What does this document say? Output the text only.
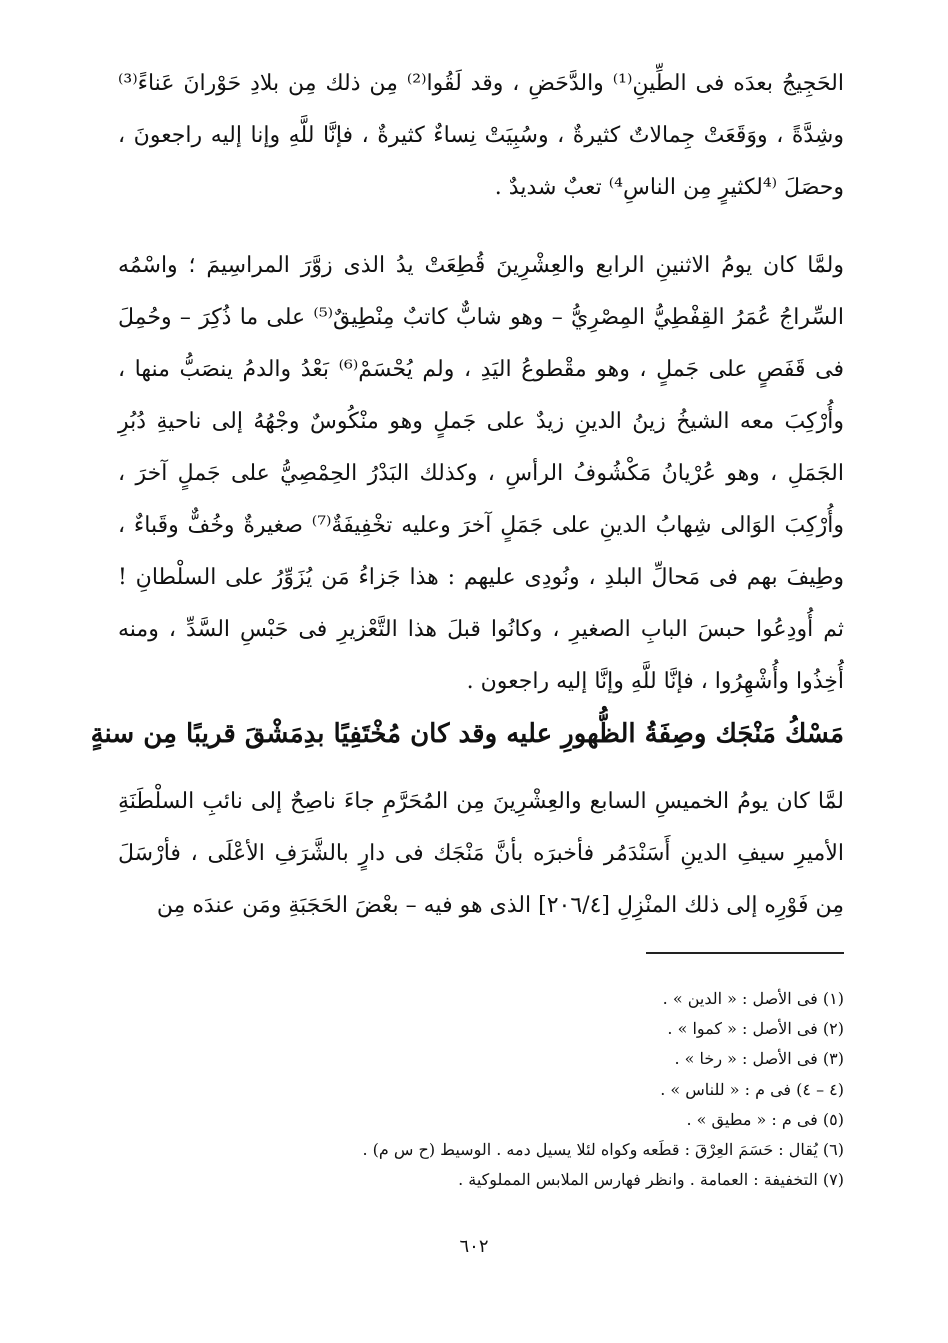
الحَجِيجُ بعدَه فى الطِّينِ⁽¹⁾ والدَّحَضِ ، وقد لَقُوا⁽²⁾ مِن ذلك مِن بلادِ حَوْرانَ عَناءً⁽³⁾ وشِدَّةً ، ووَقَعَتْ جِمالاتٌ كثيرةٌ ، وسُبِيَتْ نِساءٌ كثيرةٌ ، فإنَّا للَّهِ وإنا إليه راجعونَ ، وحصَلَ ⁽⁴لكثيرٍ مِن الناسِ⁴⁾ تعبٌ شديدٌ .

ولمَّا كان يومُ الاثنينِ الرابع والعِشْرِينَ قُطِعَتْ يدُ الذى زوَّرَ المراسِيمَ ؛ واسْمُه السِّراجُ عُمَرُ القِفْطِيُّ المِصْرِيُّ – وهو شابٌّ كاتبٌ مِنْطِيقٌ⁽⁵⁾ على ما ذُكِرَ – وحُمِلَ فى قَفَصٍ على جَملٍ ، وهو مقْطوعُ اليَدِ ، ولم يُحْسَمْ⁽⁶⁾ بَعْدُ والدمُ ينصَبُّ منها ، وأُرْكِبَ معه الشيخُ زينُ الدينِ زيدٌ على جَملٍ وهو منْكُوسٌ وجْهُهُ إلى ناحيةِ دُبُرِ الجَمَلِ ، وهو عُرْيانُ مَكْشُوفُ الرأسِ ، وكذلك البَدْرُ الحِمْصِيُّ على جَملٍ آخرَ ، وأُرْكِبَ الوَالى شِهابُ الدينِ على جَمَلٍ آخرَ وعليه تخْفِيفَةٌ⁽⁷⁾ صغيرةٌ وخُفٌّ وقَباءٌ ، وطِيفَ بهم فى مَحالِّ البلدِ ، ونُودِى عليهم : هذا جَزاءُ مَن يُزَوِّرُ على السلْطانِ ! ثم أُودِعُوا حبسَ البابِ الصغيرِ ، وكانُوا قبلَ هذا التَّعْزيرِ فى حَبْسِ السَّدِّ ، ومنه أُخِذُوا وأُشْهِرُوا ، فإنَّا للَّهِ وإنَّا إليه راجعون .

مَسْكُ مَنْجَك وصِفَةُ الظُّهورِ عليه وقد كان مُخْتَفِيًا بدِمَشْقَ قريبًا مِن سنةٍ

لمَّا كان يومُ الخميسِ السابع والعِشْرِينَ مِن المُحَرَّمِ جاءَ ناصِحٌ إلى نائبِ السلْطَنَةِ الأميرِ سيفِ الدينِ أَسَنْدَمُر فأخبرَه بأنَّ مَنْجَك فى دارٍ بالشَّرَفِ الأعْلَى ، فأرْسَلَ مِن فَوْرِه إلى ذلك المنْزِلِ [٢٠٦/٤] الذى هو فيه – بعْضَ الحَجَبَةِ ومَن عندَه مِن

(١) فى الأصل : « الدين » .
(٢) فى الأصل : « كموا » .
(٣) فى الأصل : « رخا » .
(٤ – ٤) فى م : « للناس » .
(٥) فى م : « مطيق » .
(٦) يُقال : حَسَمَ العِرْقَ : قطَعه وكواه لئلا يسيل دمه . الوسيط (ح س م) .
(٧) التخفيفة : العمامة . وانظر فهارس الملابس المملوكية .
٦٠٢
